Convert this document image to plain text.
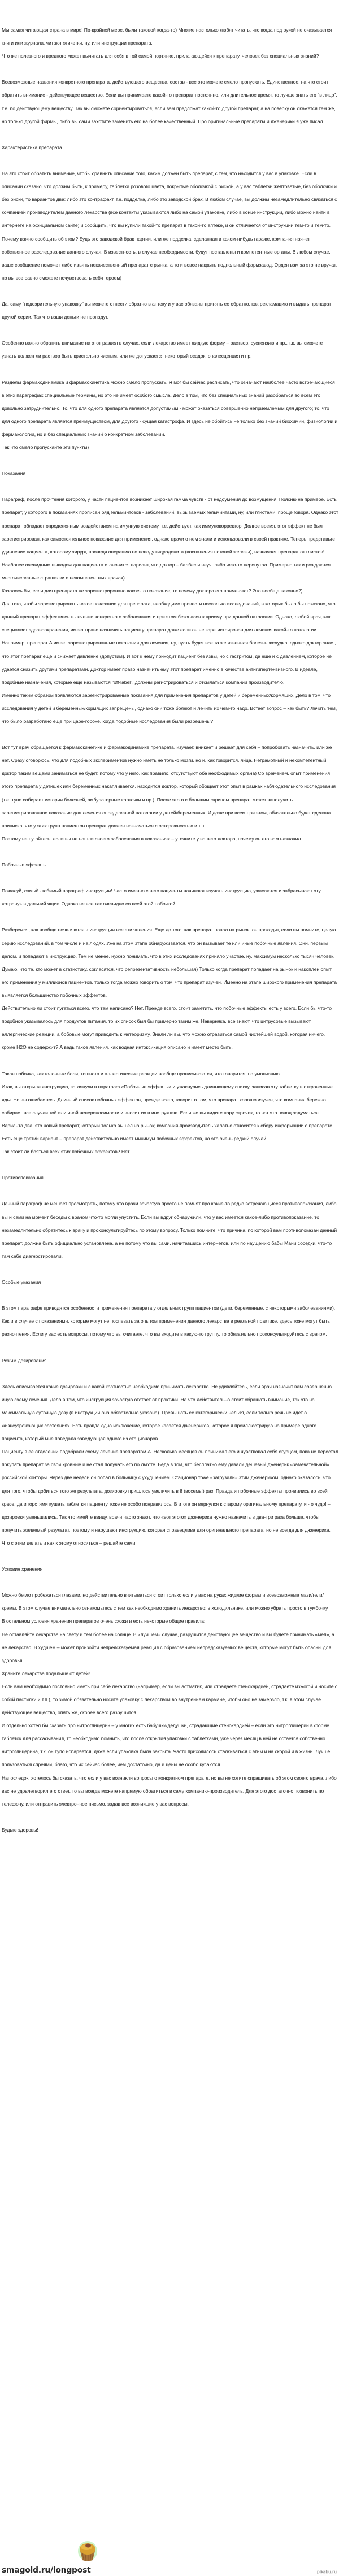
Мы самая читающая страна в мире! По-крайней мере, были таковой когда-то) Многие настолько любят читать, что когда под рукой не оказывается книги или журнала, читают этикетки, ну, или инструкции препарата.

Что же полезного и вредного может вычитать для себя в той самой портянке, прилагающейся к препарату, человек без специальных знаний?

Всевозможные названия конкретного препарата, действующего вещества, состав - все это можете смело пропускать. Единственное, на что стоит обратить внимание - действующее вещество. Если вы принимаете какой-то препарат постоянно, или длительное время, то лучше знать его "в лицо", т.е. по действующему веществу. Так вы сможете сориентироваться, если вам предложат какой-то другой препарат, а на поверку он окажется тем же, но только другой фирмы, либо вы сами захотите заменить его на более качественный. Про оригинальные препараты и дженерики я уже писал.

Характеристика препарата

На это стоит обратить внимание, чтобы сравнить описание того, каким должен быть препарат, с тем, что находится у вас в упаковке. Если в описании сказано, что должны быть, к примеру, таблетки розового цвета, покрытые оболочкой с риской, а у вас таблетки желтоватые, без оболочки и без риски, то вариантов два: либо это контрафакт, т.е. подделка, либо это заводской брак. В любом случае, вы должны незамедлительно связаться с компанией производителем данного лекарства (все контакты указываются либо на самой упаковке, либо в конце инструкции, либо можно найти в интернете на официальном сайте) и сообщить, что вы купили такой-то препарат в такой-то аптеке, и он отличается от инструкции тем-то и тем-то.

Почему важно сообщить об этом? Будь это заводской брак партии, или же подделка, сделанная в каком-нибудь гараже, компания начнет собственное расследование данного случая. В известность, в случае необходимости, будут поставлены и компетентные органы. В любом случае, ваше сообщение поможет либо изъять некачественный препарат с рынка, а то и вовсе накрыть подпольный фармзавод. Орден вам за это не вручат, но вы все равно сможете почувствовать себя героем)

Да, саму "подозрительную упаковку" вы можете отнести обратно в аптеку и у вас обязаны принять ее обратно, как рекламацию и выдать препарат другой серии. Так что ваши деньги не пропадут.

Особенно важно обратить внимание на этот раздел в случае, если лекарство имеет жидкую форму – раствор, суспензию и пр., т.к. вы сможете узнать должен ли раствор быть кристально чистым, или же допускается некоторый осадок, опалесценция и пр.

Разделы фармакодинамика и фармакокинетика можно смело пропускать. Я мог бы сейчас расписать, что означают наиболее часто встречающиеся в этих параграфах специальные термины, но это не имеет особого смысла. Дело в том, что без специальных знаний разобраться во всем это довольно затруднительно. То, что для одного препарата является допустимым - может оказаться совершенно неприемлемым для другого; то, что для одного препарата является преимуществом, для другого - сущая катастрофа. И здесь не обойтись не только без знаний биохимии, физиологии и фармакологии, но и без специальных знаний о конкретном заболевании.

Так что смело пропускайте эти пункты)

Показания

Параграф, после прочтения которого, у части пациентов возникает широкая гамма чувств - от недоумения до возмущения! Поясню на примере. Есть препарат, у которого в показаниях прописан ряд гельминтозов - заболеваний, вызываемых гельминтами, ну, или глистами, проще говоря. Однако этот препарат обладает определенным воздействием на имунную систему, т.е. действует, как иммунокорректор. Долгое время, этот эффект не был зарегистрирован, как самостоятельное показание для применения, однако врачи о нем знали и использовали в своей практике. Теперь представьте удивление пациента, которому хирург, проведя операцию по поводу гидраденита (воспаления потовой железы), назначает препарат от глистов! Наиболее очевидным выводом для пациента становится вариант, что доктор – балбес и неуч, либо чего-то перепутал. Примерно так и рождаются многочисленные страшилки о некомпетентных врачах)

Казалось бы, если для препарата не зарегистрировано какое-то показание, то почему доктора его применяют? Это вообще законно?)

Для того, чтобы зарегистрировать некое показание для препарата, необходимо провести несколько исследований, в которых было бы показано, что данный препарат эффективен в лечении конкретного заболевания и при этом безопасен к приему при данной патологии. Однако, любой врач, как специалист здравоохранения, имеет право назначить пациенту препарат даже если он не зарегистрирован для лечения какой-то патологии. Например, препарат А имеет зарегистрированные показания для лечения, ну, пусть будет все та же язвенная болезнь желудка, однако доктор знает, что этот препарат еще и снижает давление (допустим). И вот к нему приходит пациент без язвы, но с гастритом, да еще и с давлением, которое не удается снизить другими препаратами. Доктор имеет право назначить ему этот препарат именно в качестве антигипертензивного. В идеале, подобные назначения, которые еще называются "off-label", должны регистрироваться и отсылаться компании производителю.

Именно таким образом появляются зарегистрированные показания для применения препаратов у детей и беременных/кормящих. Дело в том, что исследования у детей и беременных/кормящих запрещены, однако они тоже болеют и лечить их чем-то надо. Встает вопрос – как быть? Лечить тем, что было разработано еще при царе-горохе, когда подобные исследования были разрешены?

Вот тут врач обращается к фармакокинетике и фармакодинамике препарата, изучает, вникает и решает для себя – попробовать назначить, или же нет. Сразу оговорюсь, что для подобных экспериментов нужно иметь не только мозги, но и, как говорится, яйца. Неграмотный и некомпетентный доктор таким вещами заниматься не будет, потому что у него, как правило, отсутствуют оба необходимых органа) Со временем, опыт применения этого препарата у детишек или беременных накапливается, находится доктор, который обощает этот опыт в рамках наблюдательного исследования (т.е. тупо собирает истории болезней, амбулаторные карточки и пр.). После этого с большим скрипом препарат может заполучить зарегистрированное показание для лечения определенной патологии у детей/беременных. И даже при всем при этом, обязательно будет сделана приписка, что у этих групп пациентов препарат должен назначаться с осторожностью и т.п.

Поэтому не пугайтесь, если вы не нашли своего заболевания в показаниях – уточните у вашего доктора, почему он его вам назначил.

Побочные эффекты

Пожалуй, самый любимый параграф инструкции! Часто именно с него пациенты начинают изучать инструкцию, ужасаются и забрасывают эту «отраву» в дальний ящик. Однако не все так очевидно со всей этой побочкой.

Разберемся, как вообще появляются в инструкции все эти явления. Еще до того, как препарат попал на рынок, он проходит, если вы помните, целую серию исследований, в том числе и на людях. Уже на этом этапе обнаруживается, что он вызывает те или иные побочные явления. Они, первым делом, и попадают в инструкцию. Тем не менее, нужно понимать, что в этих исследованях приняло участие, ну, максимум несколько тысяч человек. Думаю, что те, кто может в статистику, согласятся, что репрезентативность небольшая) Только когда препарат попадает на рынок и накоплен опыт его применения у миллионов пациентов, только тогда можно говорить о том, что препарат изучен. Именно на этапе широкого применения препарата выявляется большинство побочных эффектов.

Действительно ли стоит пугаться всего, что там написано? Нет. Прежде всего, стоит заметить, что побочные эффекты есть у всего. Если бы что-то подобное указывалось для продуктов питания, то их список был бы примерно таким же. Наверняка, все знают, что цитрусовые вызывают аллергические реакции, а бобовые могут приводить к метеоризму. Знали ли вы, что можно отравиться самой чистейшей водой, которая ничего, кроме H2O не содержит? А ведь такое явления, как водная интоксикация описано и имеет место быть.

Такая побочка, как головные боли, тошнота и аллергические реакции вообще прописываются, что говорится, по умолчанию.

Итак, вы открыли инструкцию, заглянули в параграф «Побочные эффекты» и ужаснулись длиннющему списку, записав эту таблетку в откровенные яды. Но вы ошибаетесь. Длинный список побочных эффектов, прежде всего, говорит о том, что препарат хорошо изучен, что компания бережно собирает все случаи той или иной непереносимости и вносит их в инструкцию. Если же вы видите пару строчек, то вот это повод задуматься. Варианта два: это новый препарат, который только вышел на рынок; компания-производитель халатно относится к сбору информации о препарате. Есть еще третий вариант – препарат действительно имеет минимум побочных эффектов, но это очень редкий случай.

Так стоит ли бояться всех этих побочных эффектов? Нет.

Противопоказания

Данный параграф не мешает просмотреть, потому что врачи зачастую просто не помнят про какие-то редко встречающиеся противопоказания, либо вы и сами на момент беседы с врачом что-то могли упустить. Если вы вдруг обнаружили, что у вас имеется какое-либо противопоказание, то незамедлительно обратитесь к врачу и проконсультируйтесь по этому вопросу. Только помните, что причина, по которой вам противопоказан данный препарат, должна быть официально установлена, а не потому что вы сами, начитавшись интернетов, или по наущению бабы Мани соседки, что-то там себе диагностировали.

Особые указания

В этом параграфе приводятся особенности применения препарата у отдельных групп пациентов (дети, беременные, с некоторыми заболеваниями). Как и в случае с показаниями, которые могут не поспевать за опытом применения данного лекарства в реальной практике, здесь тоже могут быть разночтения. Если у вас есть вопросы, потому что вы считаете, что вы входите в какую-то группу, то обязательно проконсультируйтесь с врачом.

Режим дозирования

Здесь описывается какие дозировки и с какой кратностью необходимо принимать лекарство. Не удивляйтесь, если врач назначит вам совершенно иную схему лечения. Дело в том, что инструкция зачастую отстает от практики. На что действительно стоит обращать внимание, так это на максимальную суточную дозу (в инструкции она обязательно указана). Превышать ее категорически нельзя, если только речь не идет о жизнеугрожающих состояниях. Есть правда одно исключение, которое касается дженериков, которое я проиллюстрирую на примере одного пациента, который мне поведала заведующая одного из стационаров.

Пациенту в ее отделении подобрали схему лечение препаратом А. Несколько месяцев он принимал его и чувствовал себя огурцом, пока не перестал покупать препарат за свои кровные и не стал получать его по льготе. Беда в том, что бесплатно ему давали дешевый дженерик «замечательной» российской конторы. Через две недели он попал в больницу с ухудшением. Стационар тоже «загрузили» этим дженериком, однако оказалось, что для того, чтобы добиться того же результата, дозировку пришлось увеличить в 8 (восемь!) раз. Правда и побочные эффекты проявились во всей красе, да и горстями кушать таблетки пациенту тоже не особо понравилось. В итоге он вернулся к старому оригинальному препарату, и - о чудо! – дозировки уменьшились. Так что имейте ввиду, врачи часто знают, что «вот этого» дженерика нужно назначить в два-три раза больше, чтобы получить желаемый результат, поэтому и нарушают инструкцию, которая справедлива для оригинального препарата, но не всегда для дженерика. Что с этим делать и как к этому относиться – решайте сами.

Условия хранения

Можно бегло пробежаться глазами, но действительно вчитываться стоит только если у вас на руках жидкие формы и всевозможные мази/гели/кремы. В этом случае внимательно ознакомьтесь с тем как необходимо хранить лекарство: в холодильнике, или можно убрать просто в тумбочку.

В остальном условия хранения препаратов очень схожи и есть некоторые общие правила:

Не оставляйте лекарства на свету и тем более на солнце. В «лучшем» случае, разрушится действующее вещество и вы будете принимать «мел», а не лекарство. В худшем – может произойти непредсказуемая реакция с образованием непредсказуемых веществ, которые могут быть опасны для здоровья.

Храните лекарства подальше от детей!

Если вам необходимо постоянно иметь при себе лекарство (например, если вы астматик, или страдаете стенокардией, страдаете изжогой и носите с собой пастилки и т.п.), то зимой обязательно носите упаковку с лекарством во внутреннем кармане, чтобы оно не замерзло, т.к. в этом случае действующее вещество, опять же, скорее всего разрушится.

И отдельно хотел бы сказать про нитроглицерин – у многих есть бабушки/дедушки, страдающие стенокардией – если это нитроглицерин в форме таблеток для рассасывания, то необходимо помнить, что после открытия упаковки с таблетками, уже через месяц в ней не остается собственно нитроглицерина, т.к. он тупо испаряется, даже если упаковка была закрыта. Часто приходилось сталкиваться с этим и на скорой и в жизни. Лучше пользоваться спреями, благо, что их сейчас более, чем достаточно, да и цены не особо кусаются.

Напоследок, хотелось бы сказать, что если у вас возникли вопросы о конкретном препарате, но вы не хотите спрашивать об этом своего врача, либо вас не удовлетворил его ответ, то вы всегда можете напрямую обратиться в саму компанию-производитель. Для этого достаточно позвонить по телефону, или отправить электронное письмо, задав все возникшие у вас вопросы.

Будьте здоровы!

smagold.ru/longpost	pikabu.ru
